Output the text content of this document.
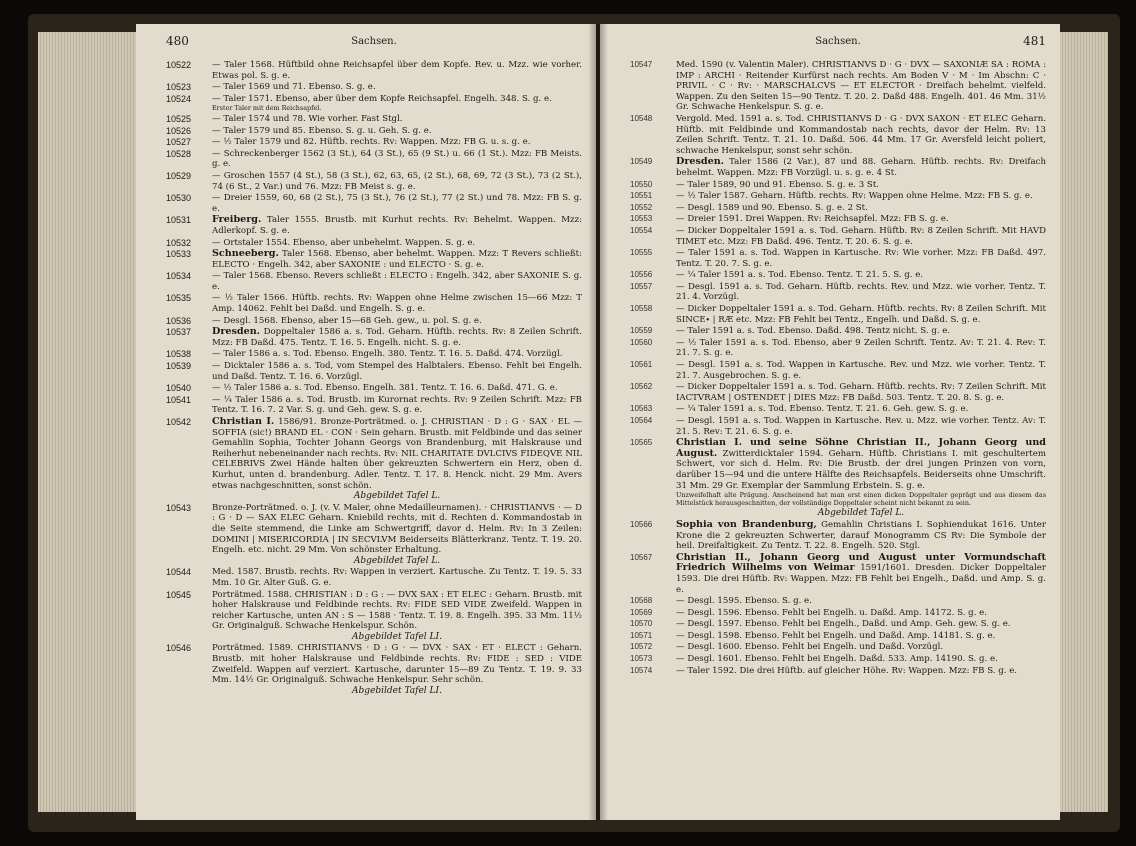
480	Sachsen.
10522 — Taler 1568. Hüftbild ohne Reichsapfel über dem Kopfe. Rev. u. Mzz. wie vorher. Etwas pol. S. g. e.
10523 — Taler 1569 und 71. Ebenso. S. g. e.
10524 — Taler 1571. Ebenso, aber über dem Kopfe Reichsapfel. Engelh. 348. S. g. e.
Erster Taler mit dem Reichsapfel.
10525 — Taler 1574 und 78. Wie vorher. Fast Stgl.
10526 — Taler 1579 und 85. Ebenso. S. g. u. Geh. S. g. e.
10527 — ½ Taler 1579 und 82. Hüftb. rechts. Rv: Wappen. Mzz: FB G. u. s. g. e.
10528 — Schreckenberger 1562 (3 St.), 64 (3 St.), 65 (9 St.) u. 66 (1 St.). Mzz: FB Meists. g. e.
10529 — Groschen 1557 (4 St.), 58 (3 St.), 62, 63, 65, (2 St.), 68, 69, 72 (3 St.), 73 (2 St.), 74 (6 St., 2 Var.) und 76. Mzz: FB Meist s. g. e.
10530 — Dreier 1559, 60, 68 (2 St.), 75 (3 St.), 76 (2 St.), 77 (2 St.) und 78. Mzz: FB S. g. e.
10531 Freiberg. Taler 1555. Brustb. mit Kurhut rechts. Rv: Behelmt. Wappen. Mzz: Adlerkopf. S. g. e.
10532 — Ortstaler 1554. Ebenso, aber unbehelmt. Wappen. S. g. e.
10533 Schneeberg. Taler 1568. Ebenso, aber behelmt. Wappen. Mzz: T Revers schließt: ELECTO · Engelh. 342, aber SAXONIE : und ELECTO · S. g. e.
10534 — Taler 1568. Ebenso. Revers schließt : ELECTO : Engelh. 342, aber SAXONIE S. g. e.
10535 — ½ Taler 1566. Hüftb. rechts. Rv: Wappen ohne Helme zwischen 15—66 Mzz: T Amp. 14062. Fehlt bei Daßd. und Engelh. S. g. e.
10536 — Desgl. 1568. Ebenso, aber 15—68 Geh. gew., u. pol. S. g. e.
10537 Dresden. Doppeltaler 1586 a. s. Tod. Geharn. Hüftb. rechts. Rv: 8 Zeilen Schrift. Mzz: FB Daßd. 475. Tentz. T. 16. 5. Engelh. nicht. S. g. e.
10538 — Taler 1586 a. s. Tod. Ebenso. Engelh. 380. Tentz. T. 16. 5. Daßd. 474. Vorzügl.
10539 — Dicktaler 1586 a. s. Tod, vom Stempel des Halbtalers. Ebenso. Fehlt bei Engelh. und Daßd. Tentz. T. 16. 6. Vorzügl.
10540 — ½ Taler 1586 a. s. Tod. Ebenso. Engelh. 381. Tentz. T. 16. 6. Daßd. 471. G. e.
10541 — ¼ Taler 1586 a. s. Tod. Brustb. im Kurornat rechts. Rv: 9 Zeilen Schrift. Mzz: FB Tentz. T. 16. 7. 2 Var. S. g. und Geh. gew. S. g. e.
10542 Christian I. 1586/91. Bronze-Porträtmed. o. J. CHRISTIAN · D : G · SAX · EL — SOFFIA (sic!) BRAND EL · CON · Sein geharn. Brustb. mit Feldbinde und das seiner Gemahlin Sophia, Tochter Johann Georgs von Brandenburg, mit Halskrause und Reiherhut nebeneinander nach rechts. Rv: NIL CHARITATE DVLCIVS FIDEQVE NIL CELEBRIVS Zwei Hände halten über gekreuzten Schwertern ein Herz, oben d. Kurhut, unten d. brandenburg. Adler. Tentz. T. 17. 8. Henck. nicht. 29 Mm. Avers etwas nachgeschnitten, sonst schön.
Abgebildet Tafel L.
10543 Bronze-Porträtmed. o. J. (v. V. Maler, ohne Medailleurnamen). · CHRISTIANVS · — D : G · D — SAX ELEC Geharn. Kniebild rechts, mit d. Rechten d. Kommandostab in die Seite stemmend, die Linke am Schwertgriff, davor d. Helm. Rv: In 3 Zeilen: DOMINI | MISERICORDIA | IN SECVLVM Beiderseits Blätterkranz. Tentz. T. 19. 20. Engelh. etc. nicht. 29 Mm. Von schönster Erhaltung.
Abgebildet Tafel L.
10544 Med. 1587. Brustb. rechts. Rv: Wappen in verziert. Kartusche. Zu Tentz. T. 19. 5. 33 Mm. 10 Gr. Alter Guß. G. e.
10545 Porträtmed. 1588. CHRISTIAN : D : G : — DVX SAX : ET ELEC : Geharn. Brustb. mit hoher Halskrause und Feldbinde rechts. Rv: FIDE SED VIDE Zweifeld. Wappen in reicher Kartusche, unten AN : S — 1588 · Tentz. T. 19. 8. Engelh. 395. 33 Mm. 11½ Gr. Originalguß. Schwache Henkelspur. Schön.
Abgebildet Tafel LI.
10546 Porträtmed. 1589. CHRISTIANVS · D : G · — DVX · SAX · ET · ELECT : Geharn. Brustb. mit hoher Halskrause und Feldbinde rechts. Rv: FIDE : SED : VIDE Zweifeld. Wappen auf verziert. Kartusche, darunter 15—89 Zu Tentz. T. 19. 9. 33 Mm. 14½ Gr. Originalguß. Schwache Henkelspur. Sehr schön.
Abgebildet Tafel LI.
Sachsen.	481
10547	Med. 1590 (v. Valentin Maler). CHRISTIANVS D · G · DVX — SAXONIÆ SA : ROMA : IMP : ARCHI · Reitender Kurfürst nach rechts. Am Boden V · M · Im Abschn: C · PRIVIL · C · Rv: · MARSCHALCVS — ET ELECTOR · Dreifach behelmt. vielfeld. Wappen. Zu den Seiten 15—90 Tentz. T. 20. 2. Daßd 488. Engelh. 401. 46 Mm. 31½ Gr. Schwache Henkelspur. S. g. e.
10548	Vergold. Med. 1591 a. s. Tod. CHRISTIANVS D · G · DVX SAXON · ET ELEC Geharn. Hüftb. mit Feldbinde und Kommandostab nach rechts, davor der Helm. Rv: 13 Zeilen Schrift. Tentz. T. 21. 10. Daßd. 506. 44 Mm. 17 Gr. Aversfeld leicht poliert, schwache Henkelspur, sonst sehr schön.
10549 Dresden. Taler 1586 (2 Var.), 87 und 88. Geharn. Hüftb. rechts. Rv: Dreifach behelmt. Wappen. Mzz: FB Vorzügl. u. s. g. e. 4 St.
10550	— Taler 1589, 90 und 91. Ebenso. S. g. e. 3 St.
10551	— ½ Taler 1587. Geharn. Hüftb. rechts. Rv: Wappen ohne Helme. Mzz: FB S. g. e.
10552	— Desgl. 1589 und 90. Ebenso. S. g. e. 2 St.
10553	— Dreier 1591. Drei Wappen. Rv: Reichsapfel. Mzz: FB S. g. e.
10554	— Dicker Doppeltaler 1591 a. s. Tod. Geharn. Hüftb. Rv: 8 Zeilen Schrift. Mit HAVD TIMET etc. Mzz: FB Daßd. 496. Tentz. T. 20. 6. S. g. e.
10555	— Taler 1591 a. s. Tod. Wappen in Kartusche. Rv: Wie vorher. Mzz: FB Daßd. 497. Tentz. T. 20. 7. S. g. e.
10556	— ¼ Taler 1591 a. s. Tod. Ebenso. Tentz. T. 21. 5. S. g. e.
10557	— Desgl. 1591 a. s. Tod. Geharn. Hüftb. rechts. Rev. und Mzz. wie vorher. Tentz. T. 21. 4. Vorzügl.
10558	— Dicker Doppeltaler 1591 a. s. Tod. Geharn. Hüftb. rechts. Rv: 8 Zeilen Schrift. Mit SINCE∙ | RÆ etc. Mzz: FB Fehlt bei Tentz., Engelh. und Daßd. S. g. e.
10559	— Taler 1591 a. s. Tod. Ebenso. Daßd. 498. Tentz nicht. S. g. e.
10560	— ½ Taler 1591 a. s. Tod. Ebenso, aber 9 Zeilen Schrift. Tentz. Av: T. 21. 4. Rev: T. 21. 7. S. g. e.
10561	— Desgl. 1591 a. s. Tod. Wappen in Kartusche. Rev. und Mzz. wie vorher. Tentz. T. 21. 7. Ausgebrochen. S. g. e.
10562	— Dicker Doppeltaler 1591 a. s. Tod. Geharn. Hüftb. rechts. Rv: 7 Zeilen Schrift. Mit IACTVRAM | OSTENDET | DIES Mzz: FB Daßd. 503. Tentz. T. 20. 8. S. g. e.
10563	— ¼ Taler 1591 a. s. Tod. Ebenso. Tentz. T. 21. 6. Geh. gew. S. g. e.
10564	— Desgl. 1591 a. s. Tod. Wappen in Kartusche. Rev. u. Mzz. wie vorher. Tentz. Av: T. 21. 5. Rev: T. 21. 6. S. g. e.
10565 Christian I. und seine Söhne Christian II., Johann Georg und August. Zwitterdicktaler 1594. Geharn. Hüftb. Christians I. mit geschultertem Schwert, vor sich d. Helm. Rv: Die Brustb. der drei jungen Prinzen von vorn, darüber 15—94 und die untere Hälfte des Reichsapfels. Beiderseits ohne Umschrift. 31 Mm. 29 Gr. Exemplar der Sammlung Erbstein. S. g. e.
Unzweifelhaft alte Prägung. Anscheinend hat man erst einen dicken Doppeltaler geprägt und aus diesem das Mittelstück herausgeschnitten, der vollständige Doppeltaler scheint nicht bekannt zu sein.
Abgebildet Tafel L.
10566 Sophia von Brandenburg, Gemahlin Christians I. Sophiendukat 1616. Unter Krone die 2 gekreuzten Schwerter, darauf Monogramm CS Rv: Die Symbole der heil. Dreifaltigkeit. Zu Tentz. T. 22. 8. Engelh. 520. Stgl.
10567 Christian II., Johann Georg und August unter Vormundschaft Friedrich Wilhelms von Weimar 1591/1601. Dresden. Dicker Doppeltaler 1593. Die drei Hüftb. Rv: Wappen. Mzz: FB Fehlt bei Engelh., Daßd. und Amp. S. g. e.
10568	— Desgl. 1595. Ebenso. S. g. e.
10569	— Desgl. 1596. Ebenso. Fehlt bei Engelh. u. Daßd. Amp. 14172. S. g. e.
10570	— Desgl. 1597. Ebenso. Fehlt bei Engelh., Daßd. und Amp. Geh. gew. S. g. e.
10571	— Desgl. 1598. Ebenso. Fehlt bei Engelh. und Daßd. Amp. 14181. S. g. e.
10572	— Desgl. 1600. Ebenso. Fehlt bei Engelh. und Daßd. Vorzügl.
10573	— Desgl. 1601. Ebenso. Fehlt bei Engelh. Daßd. 533. Amp. 14190. S. g. e.
10574	— Taler 1592. Die drei Hüftb. auf gleicher Höhe. Rv: Wappen. Mzz: FB S. g. e.
